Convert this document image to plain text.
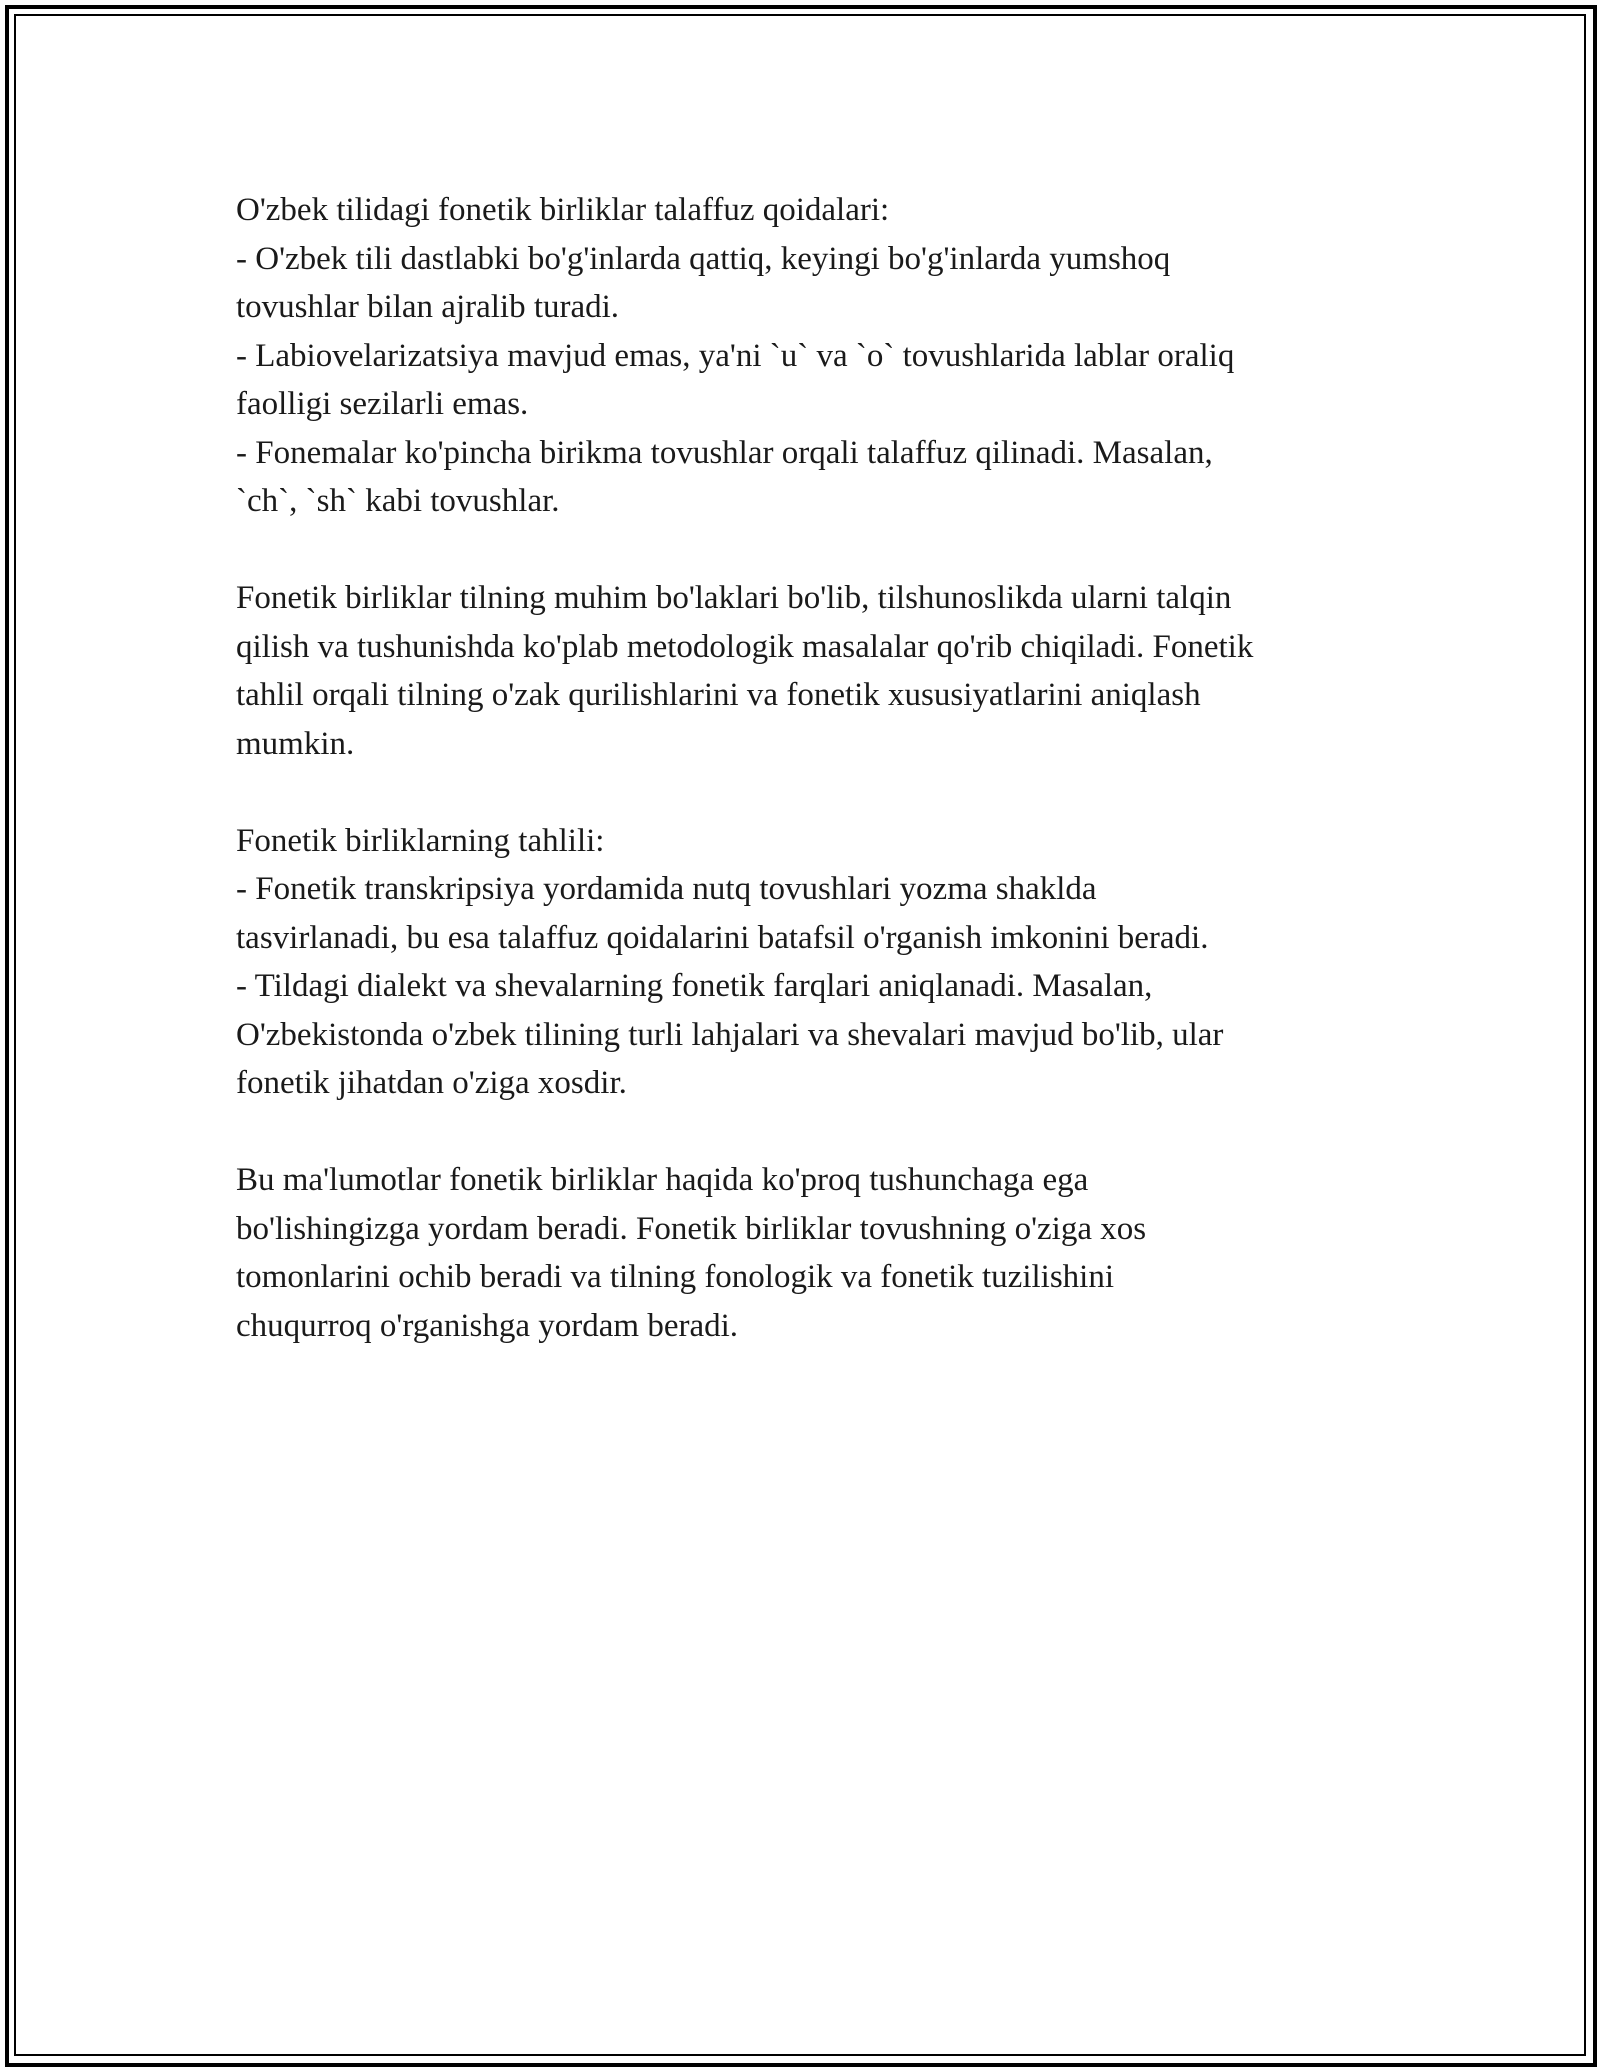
O'zbek tilidagi fonetik birliklar talaffuz qoidalari:
- O'zbek tili dastlabki bo'g'inlarda qattiq, keyingi bo'g'inlarda yumshoq
tovushlar bilan ajralib turadi.
- Labiovelarizatsiya mavjud emas, ya'ni `u` va `o` tovushlarida lablar oraliq
faolligi sezilarli emas.
- Fonemalar ko'pincha birikma tovushlar orqali talaffuz qilinadi. Masalan,
`ch`, `sh` kabi tovushlar.
Fonetik birliklar tilning muhim bo'laklari bo'lib, tilshunoslikda ularni talqin
qilish va tushunishda ko'plab metodologik masalalar qo'rib chiqiladi. Fonetik
tahlil orqali tilning o'zak qurilishlarini va fonetik xususiyatlarini aniqlash
mumkin.
Fonetik birliklarning tahlili:
- Fonetik transkripsiya yordamida nutq tovushlari yozma shaklda
tasvirlanadi, bu esa talaffuz qoidalarini batafsil o'rganish imkonini beradi.
- Tildagi dialekt va shevalarning fonetik farqlari aniqlanadi. Masalan,
O'zbekistonda o'zbek tilining turli lahjalari va shevalari mavjud bo'lib, ular
fonetik jihatdan o'ziga xosdir.
Bu ma'lumotlar fonetik birliklar haqida ko'proq tushunchaga ega
bo'lishingizga yordam beradi. Fonetik birliklar tovushning o'ziga xos
tomonlarini ochib beradi va tilning fonologik va fonetik tuzilishini
chuqurroq o'rganishga yordam beradi.
